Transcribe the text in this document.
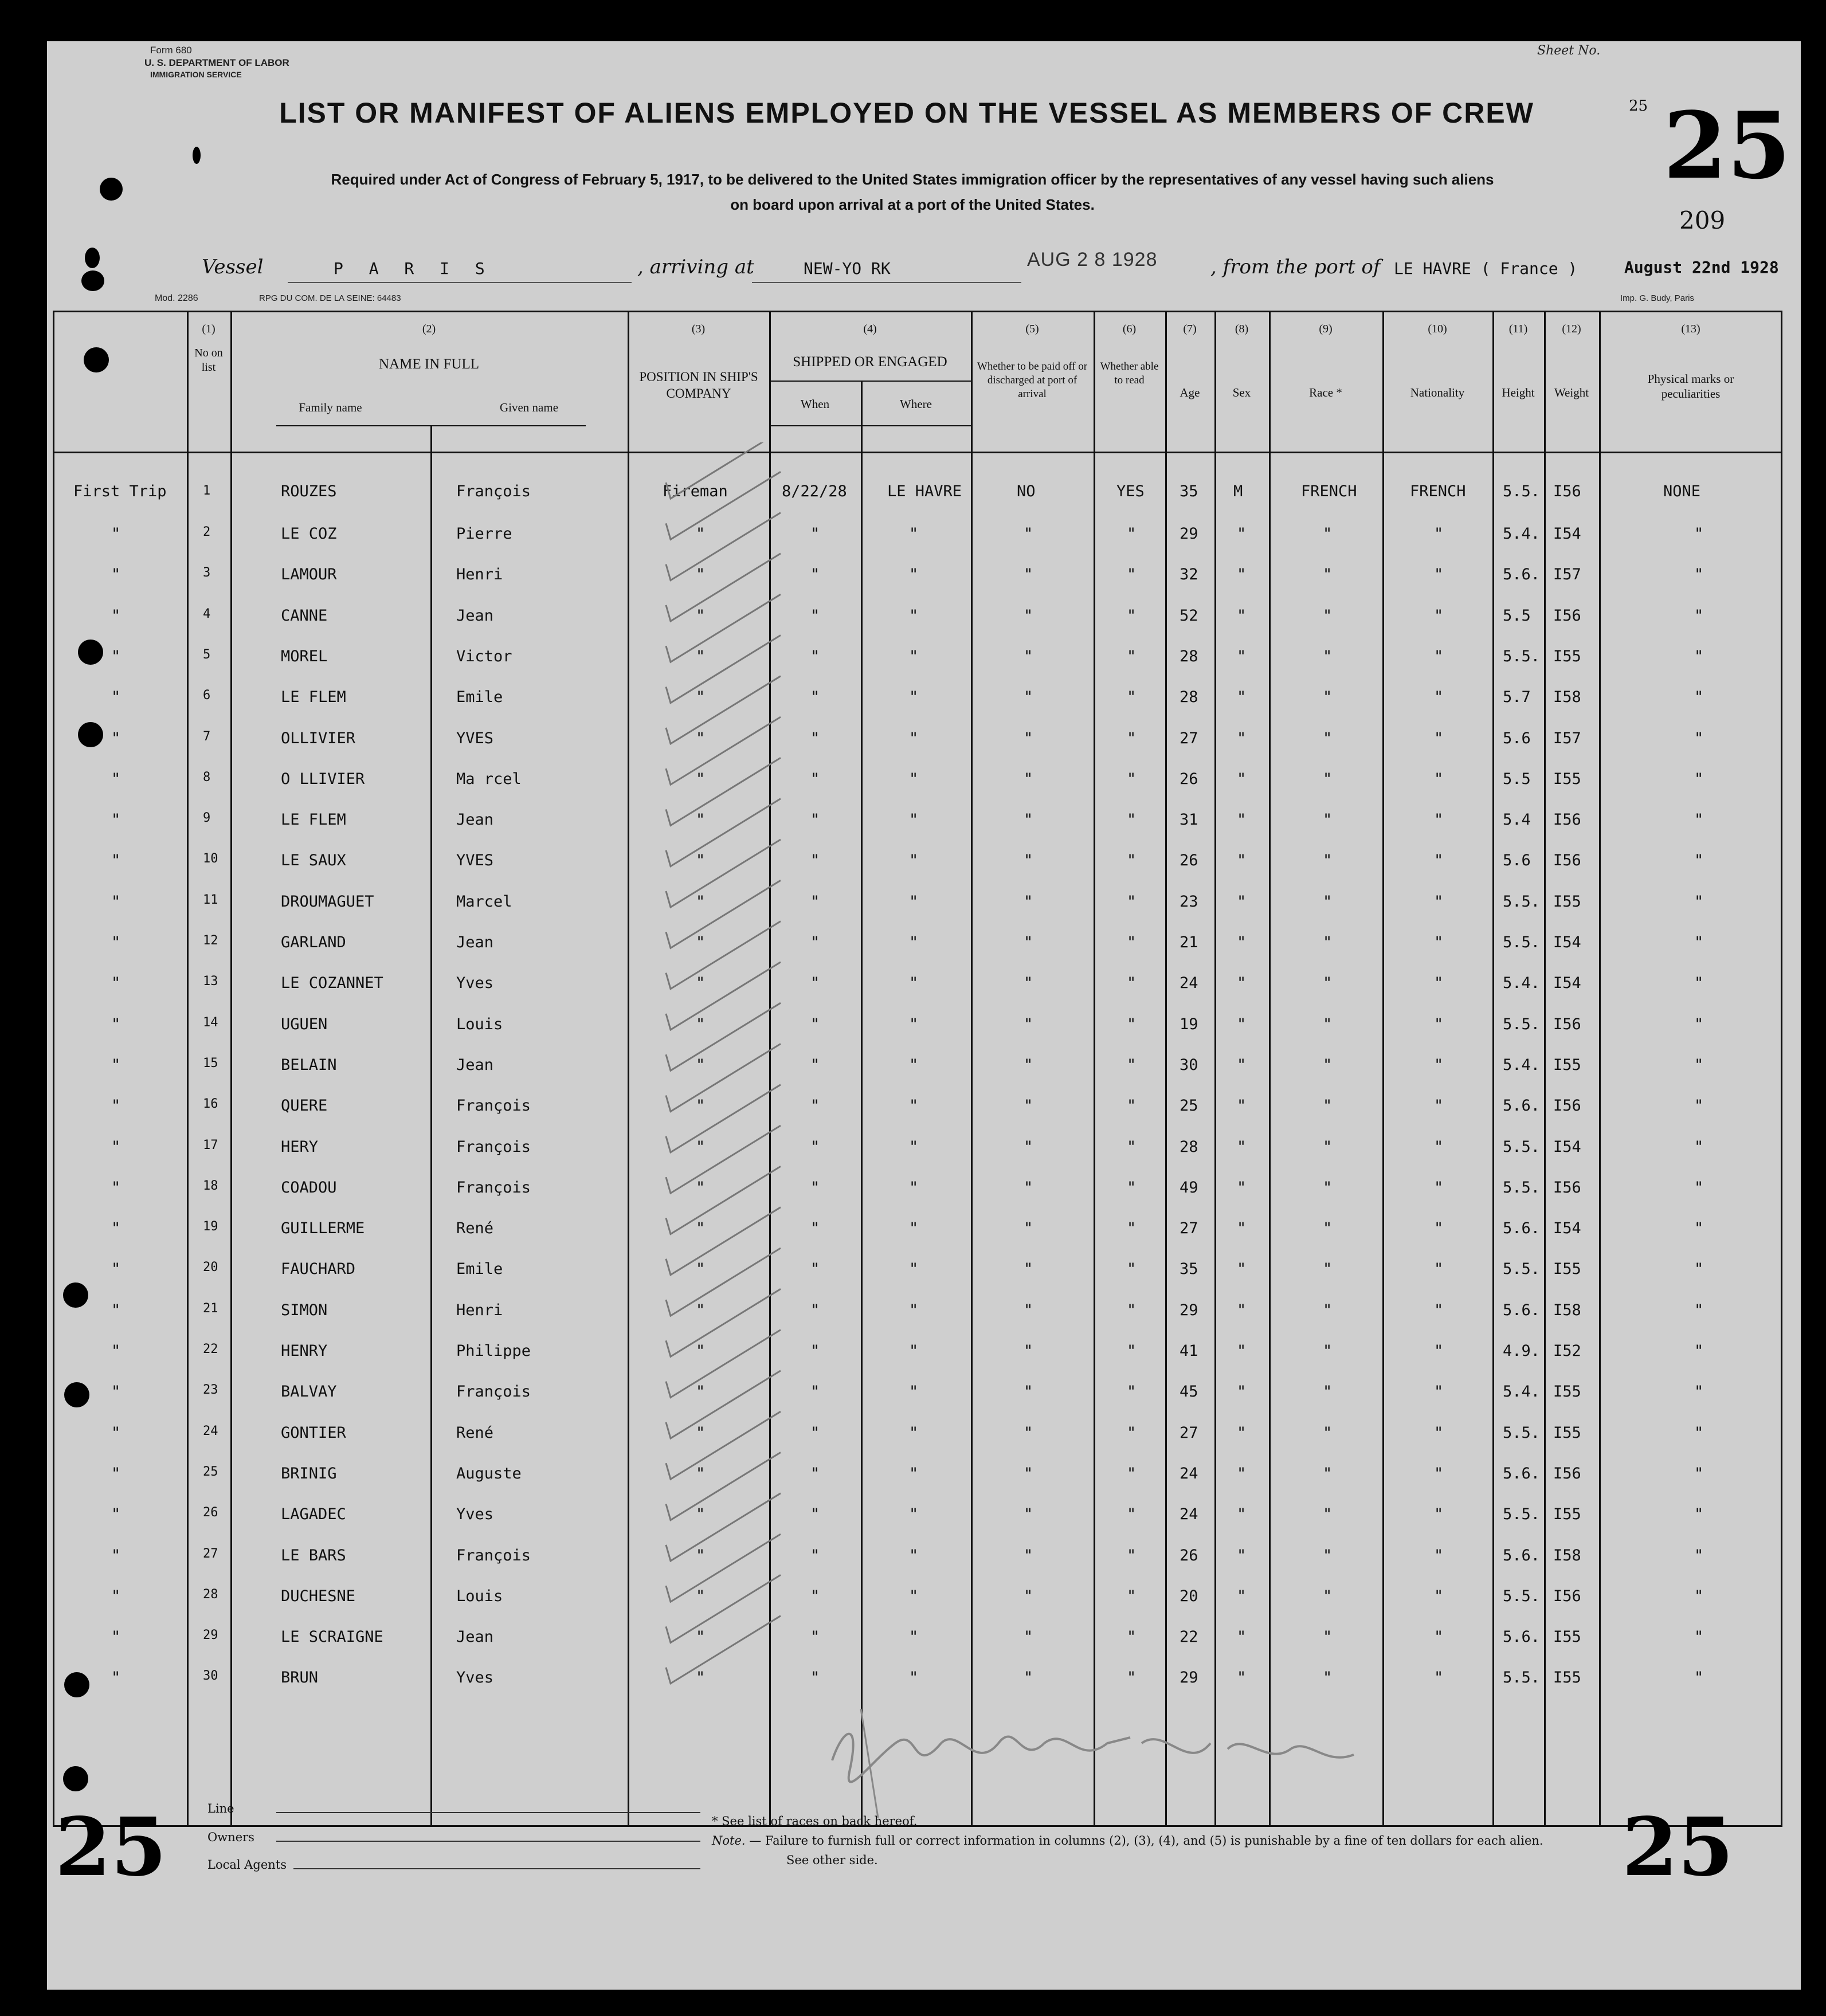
Form 680
U. S. DEPARTMENT OF LABOR
IMMIGRATION SERVICE
Sheet No.
25 25
209
LIST OR MANIFEST OF ALIENS EMPLOYED ON THE VESSEL AS MEMBERS OF CREW
Required under Act of Congress of February 5, 1917, to be delivered to the United States immigration officer by the representatives of any vessel having such aliens
on board upon arrival at a port of the United States.
Vessel	P A R I S	, arriving at	NEW-YO RK	AUG 2 8 1928	, from the port of LE HAVRE ( France )	August 22nd 1928
Mod. 2286	RPG DU COM. DE LA SEINE: 64483	Imp. G. Budy, Paris
(1)
No on list
(2)
NAME IN FULL
Family name	Given name
(3)
POSITION IN SHIP'S COMPANY
(4)
SHIPPED OR ENGAGED
When	Where
(5)
Whether to be paid off or discharged at port of arrival
(6)
Whether able to read
(7)
Age
(8)
Sex
(9)
Race *
(10)
Nationality
(11)
Height
(12)
Weight
(13)
Physical marks or peculiarities
First Trip	1	ROUZES	François	Fireman	8/22/28	LE HAVRE	NO	YES 35 M	FRENCH	FRENCH 5.5. I56	NONE
"	2	LE COZ	Pierre	"	"	"	"	"	29 "	"	"	5.4. I54	"
"	3	LAMOUR	Henri	"	"	"	"	"	32 "	"	"	5.6. I57	"
"	4	CANNE	Jean	"	"	"	"	"	52 "	"	"	5.5 I56	"
"	5	MOREL	Victor	"	"	"	"	"	28 "	"	"	5.5. I55	"
"	6	LE FLEM	Emile	"	"	"	"	"	28 "	"	"	5.7 I58	"
"	7	OLLIVIER	YVES	"	"	"	"	"	27 "	"	"	5.6 I57	"
"	8	O LLIVIER	Ma rcel	"	"	"	"	"	26 "	"	"	5.5 I55	"
"	9	LE FLEM	Jean	"	"	"	"	"	31 "	"	"	5.4 I56	"
"	10	LE SAUX	YVES	"	"	"	"	"	26 "	"	"	5.6 I56	"
"	11	DROUMAGUET	Marcel	"	"	"	"	"	23 "	"	"	5.5. I55	"
"	12	GARLAND	Jean	"	"	"	"	"	21 "	"	"	5.5. I54	"
"	13	LE COZANNET	Yves	"	"	"	"	"	24 "	"	"	5.4. I54	"
"	14	UGUEN	Louis	"	"	"	"	"	19 "	"	"	5.5. I56	"
"	15	BELAIN	Jean	"	"	"	"	"	30 "	"	"	5.4. I55	"
"	16	QUERE	François	"	"	"	"	"	25 "	"	"	5.6. I56	"
"	17	HERY	François	"	"	"	"	"	28 "	"	"	5.5. I54	"
"	18	COADOU	François	"	"	"	"	"	49 "	"	"	5.5. I56	"
"	19	GUILLERME	René	"	"	"	"	"	27 "	"	"	5.6. I54	"
"	20	FAUCHARD	Emile	"	"	"	"	"	35 "	"	"	5.5. I55	"
"	21	SIMON	Henri	"	"	"	"	"	29 "	"	"	5.6. I58	"
"	22	HENRY	Philippe	"	"	"	"	"	41 "	"	"	4.9. I52	"
"	23	BALVAY	François	"	"	"	"	"	45 "	"	"	5.4. I55	"
"	24	GONTIER	René	"	"	"	"	"	27 "	"	"	5.5. I55	"
"	25	BRINIG	Auguste	"	"	"	"	"	24 "	"	"	5.6. I56	"
"	26	LAGADEC	Yves	"	"	"	"	"	24 "	"	"	5.5. I55	"
"	27	LE BARS	François	"	"	"	"	"	26 "	"	"	5.6. I58	"
"	28	DUCHESNE	Louis	"	"	"	"	"	20 "	"	"	5.5. I56	"
"	29	LE SCRAIGNE	Jean	"	"	"	"	"	22 "	"	"	5.6. I55	"
"	30	BRUN	Yves	"	"	"	"	"	29 "	"	"	5.5. I55	"
Line
Owners
Local Agents
* See list of races on back hereof.
Note. — Failure to furnish full or correct information in columns (2), (3), (4), and (5) is punishable by a fine of ten dollars for each alien.
See other side.
25	25
